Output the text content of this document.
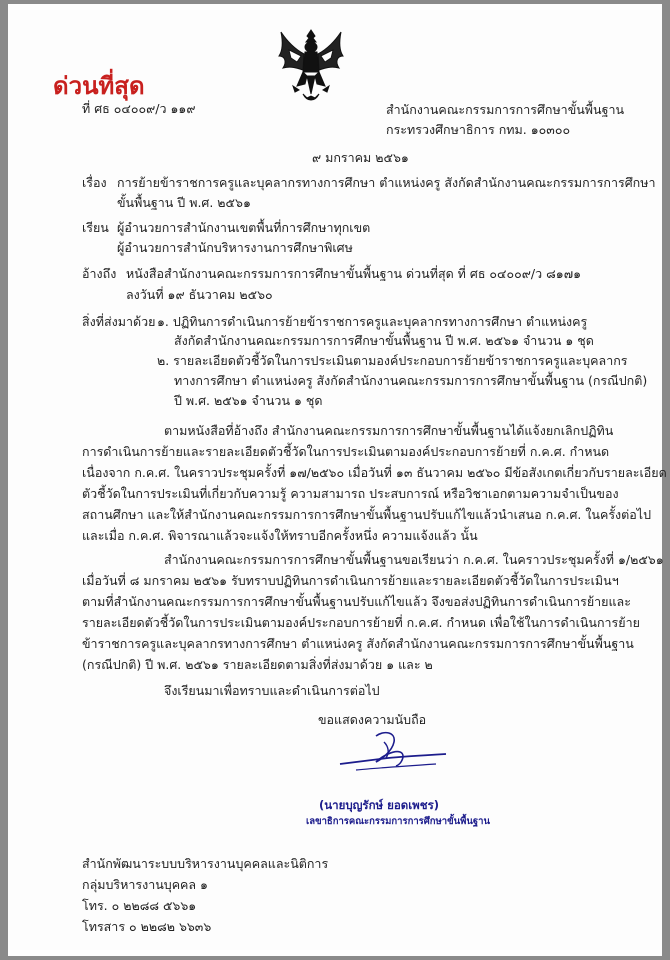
ด่วนที่สุด
ที่ ศธ ๐๔๐๐๙/ว ๑๑๙	สำนักงานคณะกรรมการการศึกษาขั้นพื้นฐาน
กระทรวงศึกษาธิการ กทม. ๑๐๓๐๐
๙ มกราคม ๒๕๖๑
เรื่อง การย้ายข้าราชการครูและบุคลากรทางการศึกษา ตำแหน่งครู สังกัดสำนักงานคณะกรรมการการศึกษา
ขั้นพื้นฐาน ปี พ.ศ. ๒๕๖๑
เรียน ผู้อำนวยการสำนักงานเขตพื้นที่การศึกษาทุกเขต
ผู้อำนวยการสำนักบริหารงานการศึกษาพิเศษ
อ้างถึง หนังสือสำนักงานคณะกรรมการการศึกษาขั้นพื้นฐาน ด่วนที่สุด ที่ ศธ ๐๔๐๐๙/ว ๘๑๗๑
ลงวันที่ ๑๙ ธันวาคม ๒๕๖๐
สิ่งที่ส่งมาด้วย ๑. ปฏิทินการดำเนินการย้ายข้าราชการครูและบุคลากรทางการศึกษา ตำแหน่งครู
สังกัดสำนักงานคณะกรรมการการศึกษาขั้นพื้นฐาน ปี พ.ศ. ๒๕๖๑ จำนวน ๑ ชุด
๒. รายละเอียดตัวชี้วัดในการประเมินตามองค์ประกอบการย้ายข้าราชการครูและบุคลากร
ทางการศึกษา ตำแหน่งครู สังกัดสำนักงานคณะกรรมการการศึกษาขั้นพื้นฐาน (กรณีปกติ)
ปี พ.ศ. ๒๕๖๑ จำนวน ๑ ชุด
ตามหนังสือที่อ้างถึง สำนักงานคณะกรรมการการศึกษาขั้นพื้นฐานได้แจ้งยกเลิกปฏิทิน
การดำเนินการย้ายและรายละเอียดตัวชี้วัดในการประเมินตามองค์ประกอบการย้ายที่ ก.ค.ศ. กำหนด
เนื่องจาก ก.ค.ศ. ในคราวประชุมครั้งที่ ๑๗/๒๕๖๐ เมื่อวันที่ ๑๓ ธันวาคม ๒๕๖๐ มีข้อสังเกตเกี่ยวกับรายละเอียด
ตัวชี้วัดในการประเมินที่เกี่ยวกับความรู้ ความสามารถ ประสบการณ์ หรือวิชาเอกตามความจำเป็นของ
สถานศึกษา และให้สำนักงานคณะกรรมการการศึกษาขั้นพื้นฐานปรับแก้ไขแล้วนำเสนอ ก.ค.ศ. ในครั้งต่อไป
และเมื่อ ก.ค.ศ. พิจารณาแล้วจะแจ้งให้ทราบอีกครั้งหนึ่ง ความแจ้งแล้ว นั้น
สำนักงานคณะกรรมการการศึกษาขั้นพื้นฐานขอเรียนว่า ก.ค.ศ. ในคราวประชุมครั้งที่ ๑/๒๕๖๑
เมื่อวันที่ ๘ มกราคม ๒๕๖๑ รับทราบปฏิทินการดำเนินการย้ายและรายละเอียดตัวชี้วัดในการประเมินฯ
ตามที่สำนักงานคณะกรรมการการศึกษาขั้นพื้นฐานปรับแก้ไขแล้ว จึงขอส่งปฏิทินการดำเนินการย้ายและ
รายละเอียดตัวชี้วัดในการประเมินตามองค์ประกอบการย้ายที่ ก.ค.ศ. กำหนด เพื่อใช้ในการดำเนินการย้าย
ข้าราชการครูและบุคลากรทางการศึกษา ตำแหน่งครู สังกัดสำนักงานคณะกรรมการการศึกษาขั้นพื้นฐาน
(กรณีปกติ) ปี พ.ศ. ๒๕๖๑ รายละเอียดตามสิ่งที่ส่งมาด้วย ๑ และ ๒
จึงเรียนมาเพื่อทราบและดำเนินการต่อไป
ขอแสดงความนับถือ
(นายบุญรักษ์ ยอดเพชร)
เลขาธิการคณะกรรมการการศึกษาขั้นพื้นฐาน
สำนักพัฒนาระบบบริหารงานบุคคลและนิติการ
กลุ่มบริหารงานบุคคล ๑
โทร. ๐ ๒๒๘๘ ๕๖๖๑
โทรสาร ๐ ๒๒๘๒ ๖๖๓๖
